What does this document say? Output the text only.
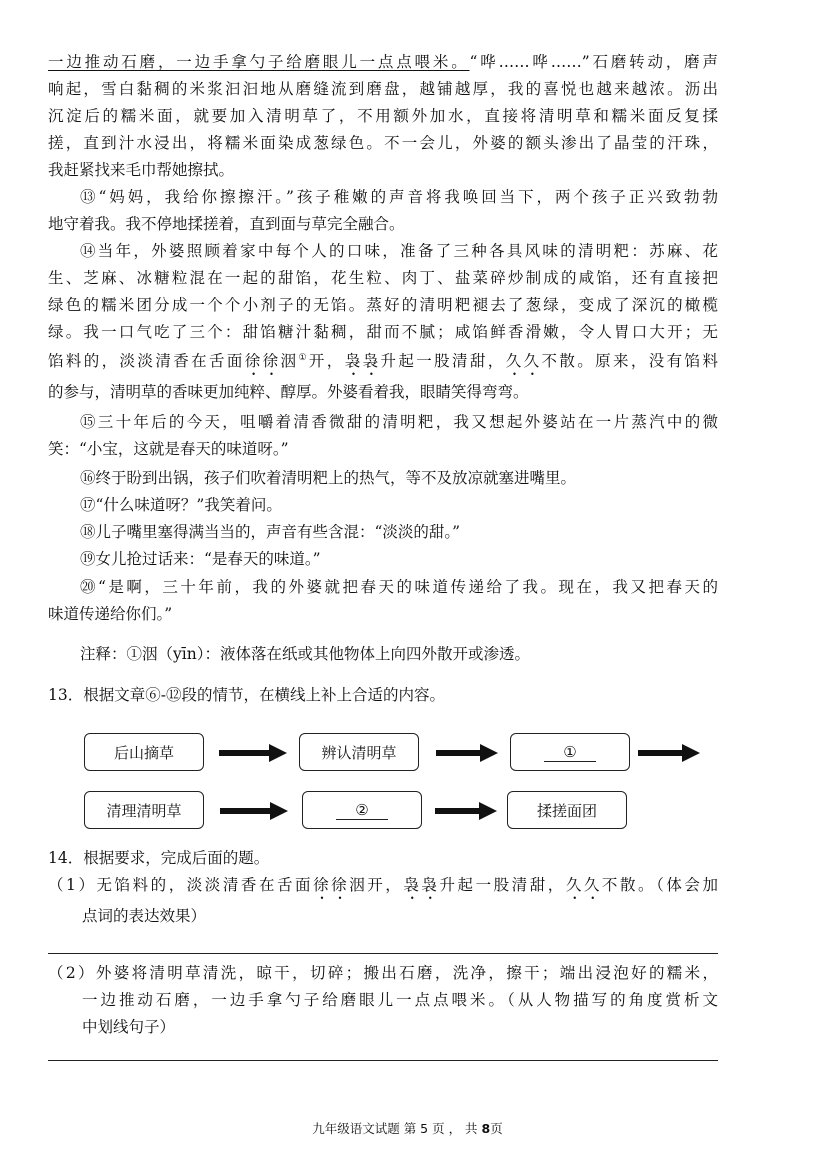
一边推动石磨，一边手拿勺子给磨眼儿一点点喂米。“哗……哗……”石磨转动，磨声
响起，雪白黏稠的米浆汩汩地从磨缝流到磨盘，越铺越厚，我的喜悦也越来越浓。沥出
沉淀后的糯米面，就要加入清明草了，不用额外加水，直接将清明草和糯米面反复揉
搓，直到汁水浸出，将糯米面染成葱绿色。不一会儿，外婆的额头渗出了晶莹的汗珠，
我赶紧找来毛巾帮她擦拭。
⑬“妈妈，我给你擦擦汗。”孩子稚嫩的声音将我唤回当下，两个孩子正兴致勃勃
地守着我。我不停地揉搓着，直到面与草完全融合。
⑭当年，外婆照顾着家中每个人的口味，准备了三种各具风味的清明粑：苏麻、花
生、芝麻、冰糖粒混在一起的甜馅，花生粒、肉丁、盐菜碎炒制成的咸馅，还有直接把
绿色的糯米团分成一个个小剂子的无馅。蒸好的清明粑褪去了葱绿，变成了深沉的橄榄
绿。我一口气吃了三个：甜馅糖汁黏稠，甜而不腻；咸馅鲜香滑嫩，令人胃口大开；无
馅料的，淡淡清香在舌面徐徐洇①开，袅袅升起一股清甜，久久不散。原来，没有馅料
的参与，清明草的香味更加纯粹、醇厚。外婆看着我，眼睛笑得弯弯。
⑮三十年后的今天，咀嚼着清香微甜的清明粑，我又想起外婆站在一片蒸汽中的微
笑：“小宝，这就是春天的味道呀。”
⑯终于盼到出锅，孩子们吹着清明粑上的热气，等不及放凉就塞进嘴里。
⑰“什么味道呀？”我笑着问。
⑱儿子嘴里塞得满当当的，声音有些含混：“淡淡的甜。”
⑲女儿抢过话来：“是春天的味道。”
⑳“是啊，三十年前，我的外婆就把春天的味道传递给了我。现在，我又把春天的
味道传递给你们。”
注释：①洇（yīn）：液体落在纸或其他物体上向四外散开或渗透。
13．根据文章⑥-⑫段的情节，在横线上补上合适的内容。
后山摘草	辨认清明草	①
清理清明草	②	揉搓面团
14．根据要求，完成后面的题。
（1）无馅料的，淡淡清香在舌面徐徐洇开，袅袅升起一股清甜，久久不散。（体会加
点词的表达效果）
（2）外婆将清明草清洗，晾干，切碎；搬出石磨，洗净，擦干；端出浸泡好的糯米，
一边推动石磨，一边手拿勺子给磨眼儿一点点喂米。（从人物描写的角度赏析文
中划线句子）
九年级语文试题 第 5 页 ， 共 8页
